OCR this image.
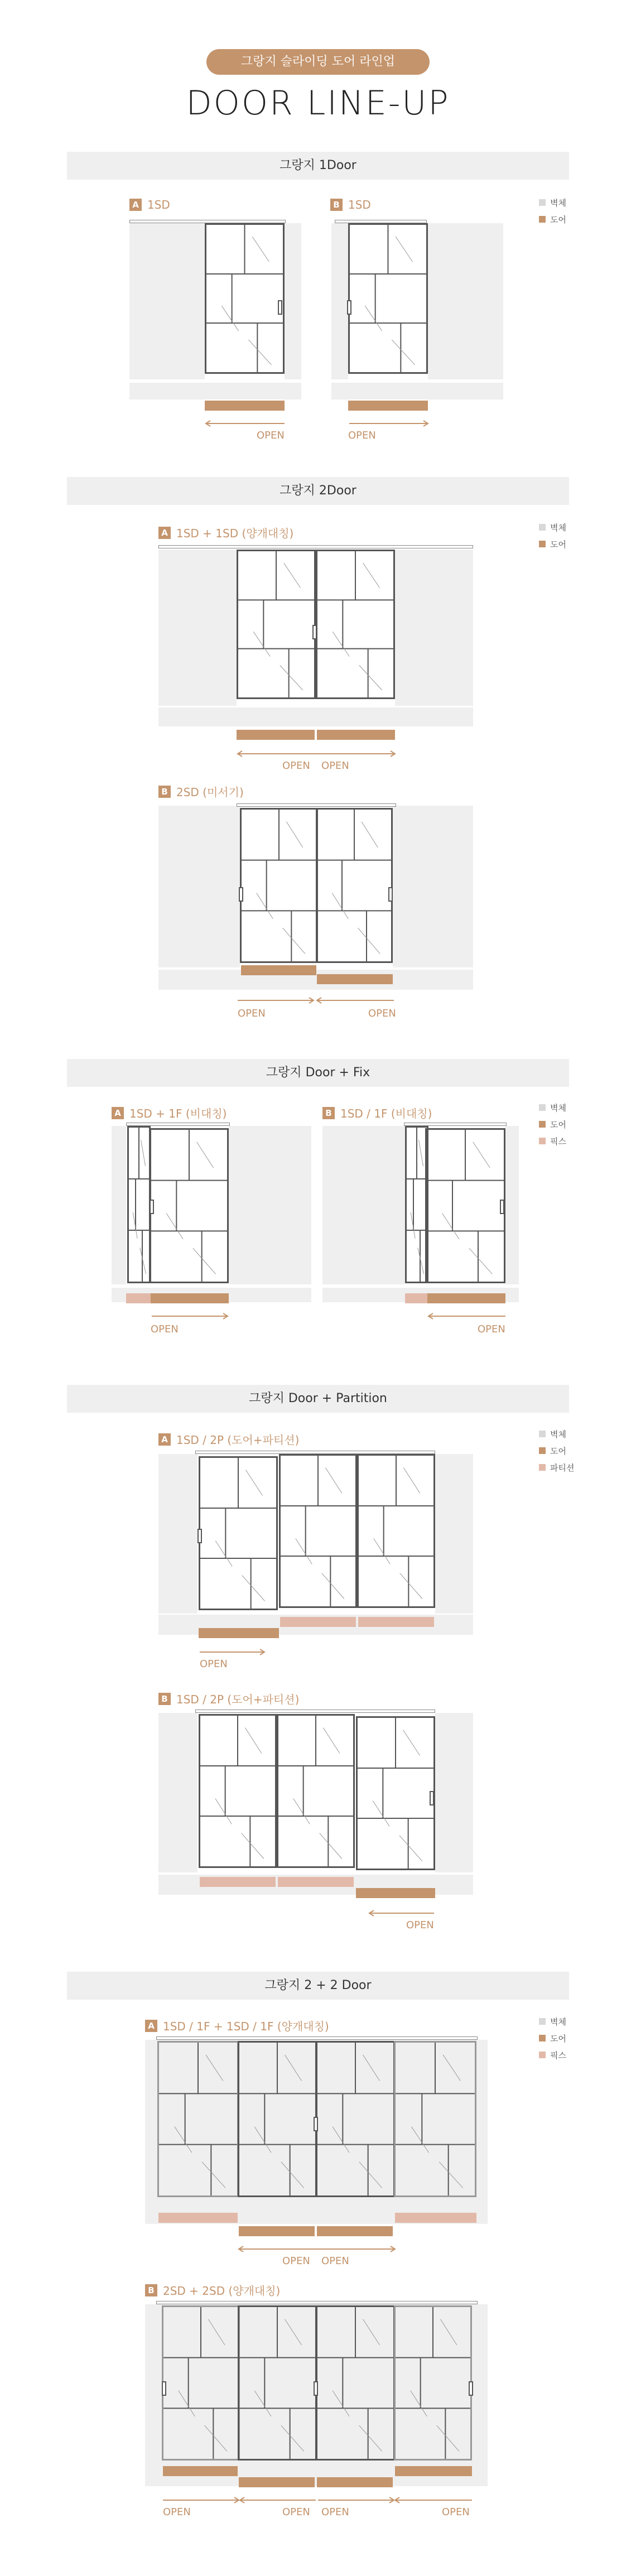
그랑지 슬라이딩 도어 라인업
DOOR LINE-UP
그랑지 1Door
벽체
도어
A 1SD	B 1SD
OPEN	OPEN
그랑지 2Door
벽체
도어
A 1SD + 1SD (양개대칭)
OPEN OPEN
B 2SD (미서기)
OPEN	OPEN
그랑지 Door + Fix
벽체
도어
픽스
A 1SD + 1F (비대칭)	B 1SD / 1F (비대칭)
OPEN	OPEN
그랑지 Door + Partition
벽체
도어
파티션
A 1SD / 2P (도어+파티션)
OPEN
B 1SD / 2P (도어+파티션)
OPEN
그랑지 2 + 2 Door
벽체
도어
픽스
A 1SD / 1F + 1SD / 1F (양개대칭)
OPEN OPEN
B 2SD + 2SD (양개대칭)
OPEN	OPEN OPEN	OPEN
